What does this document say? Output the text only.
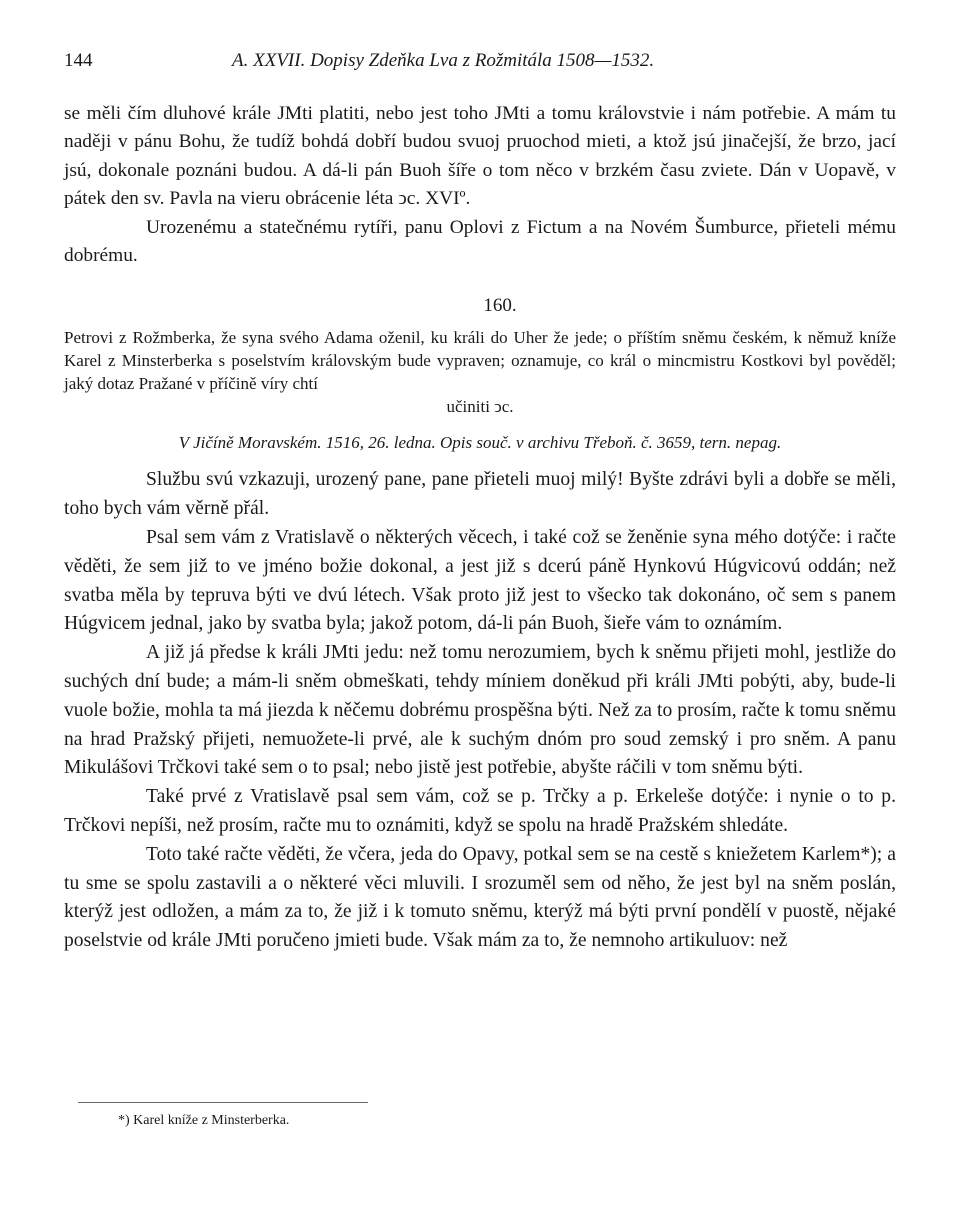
144	A. XXVII. Dopisy Zdeňka Lva z Rožmitála 1508—1532.

se měli čím dluhové krále JMti platiti, nebo jest toho JMti a tomu královstvie i nám potřebie. A mám tu naději v pánu Bohu, že tudíž bohdá dobří budou svuoj pruochod mieti, a ktož jsú jinačejší, že brzo, jací jsú, dokonale poznáni budou. A dá-li pán Buoh šíře o tom něco v brzkém času zviete. Dán v Uopavě, v pátek den sv. Pavla na vieru obrácenie léta ↄc. XVIº.

Urozenému a statečnému rytíři, panu Oplovi z Fictum a na Novém Šumburce, přieteli mému dobrému.

160.

Petrovi z Rožmberka, že syna svého Adama oženil, ku králi do Uher že jede; o příštím sněmu českém, k němuž kníže Karel z Minsterberka s poselstvím královským bude vypraven; oznamuje, co král o mincmistru Kostkovi byl pověděl; jaký dotaz Pražané v příčině víry chtí
učiniti ↄc.

V Jičíně Moravském. 1516, 26. ledna. Opis souč. v archivu Třeboň. č. 3659, tern. nepag.

Službu svú vzkazuji, urozený pane, pane přieteli muoj milý! Byšte zdrávi byli a dobře se měli, toho bych vám věrně přál.

Psal sem vám z Vratislavě o některých věcech, i také což se ženěnie syna mého dotýče: i račte věděti, že sem již to ve jméno božie dokonal, a jest již s dcerú páně Hynkovú Húgvicovú oddán; než svatba měla by tepruva býti ve dvú létech. Však proto již jest to všecko tak dokonáno, oč sem s panem Húgvicem jednal, jako by svatba byla; jakož potom, dá-li pán Buoh, šieře vám to oznámím.

A již já předse k králi JMti jedu: než tomu nerozumiem, bych k sněmu přijeti mohl, jestliže do suchých dní bude; a mám-li sněm obmeškati, tehdy míniem doněkud při králi JMti pobýti, aby, bude-li vuole božie, mohla ta má jiezda k něčemu dobrému prospěšna býti. Než za to prosím, račte k tomu sněmu na hrad Pražský přijeti, nemuožete-li prvé, ale k suchým dnóm pro soud zemský i pro sněm. A panu Mikulášovi Trčkovi také sem o to psal; nebo jistě jest potřebie, abyšte ráčili v tom sněmu býti.

Také prvé z Vratislavě psal sem vám, což se p. Trčky a p. Erkeleše dotýče: i nynie o to p. Trčkovi nepíši, než prosím, račte mu to oznámiti, když se spolu na hradě Pražském shledáte.

Toto také račte věděti, že včera, jeda do Opavy, potkal sem se na cestě s kniežetem Karlem*); a tu sme se spolu zastavili a o některé věci mluvili. I srozuměl sem od něho, že jest byl na sněm poslán, kterýž jest odložen, a mám za to, že již i k tomuto sněmu, kterýž má býti první pondělí v puostě, nějaké poselstvie od krále JMti poručeno jmieti bude. Však mám za to, že nemnoho artikuluov: než

*) Karel kníže z Minsterberka.
